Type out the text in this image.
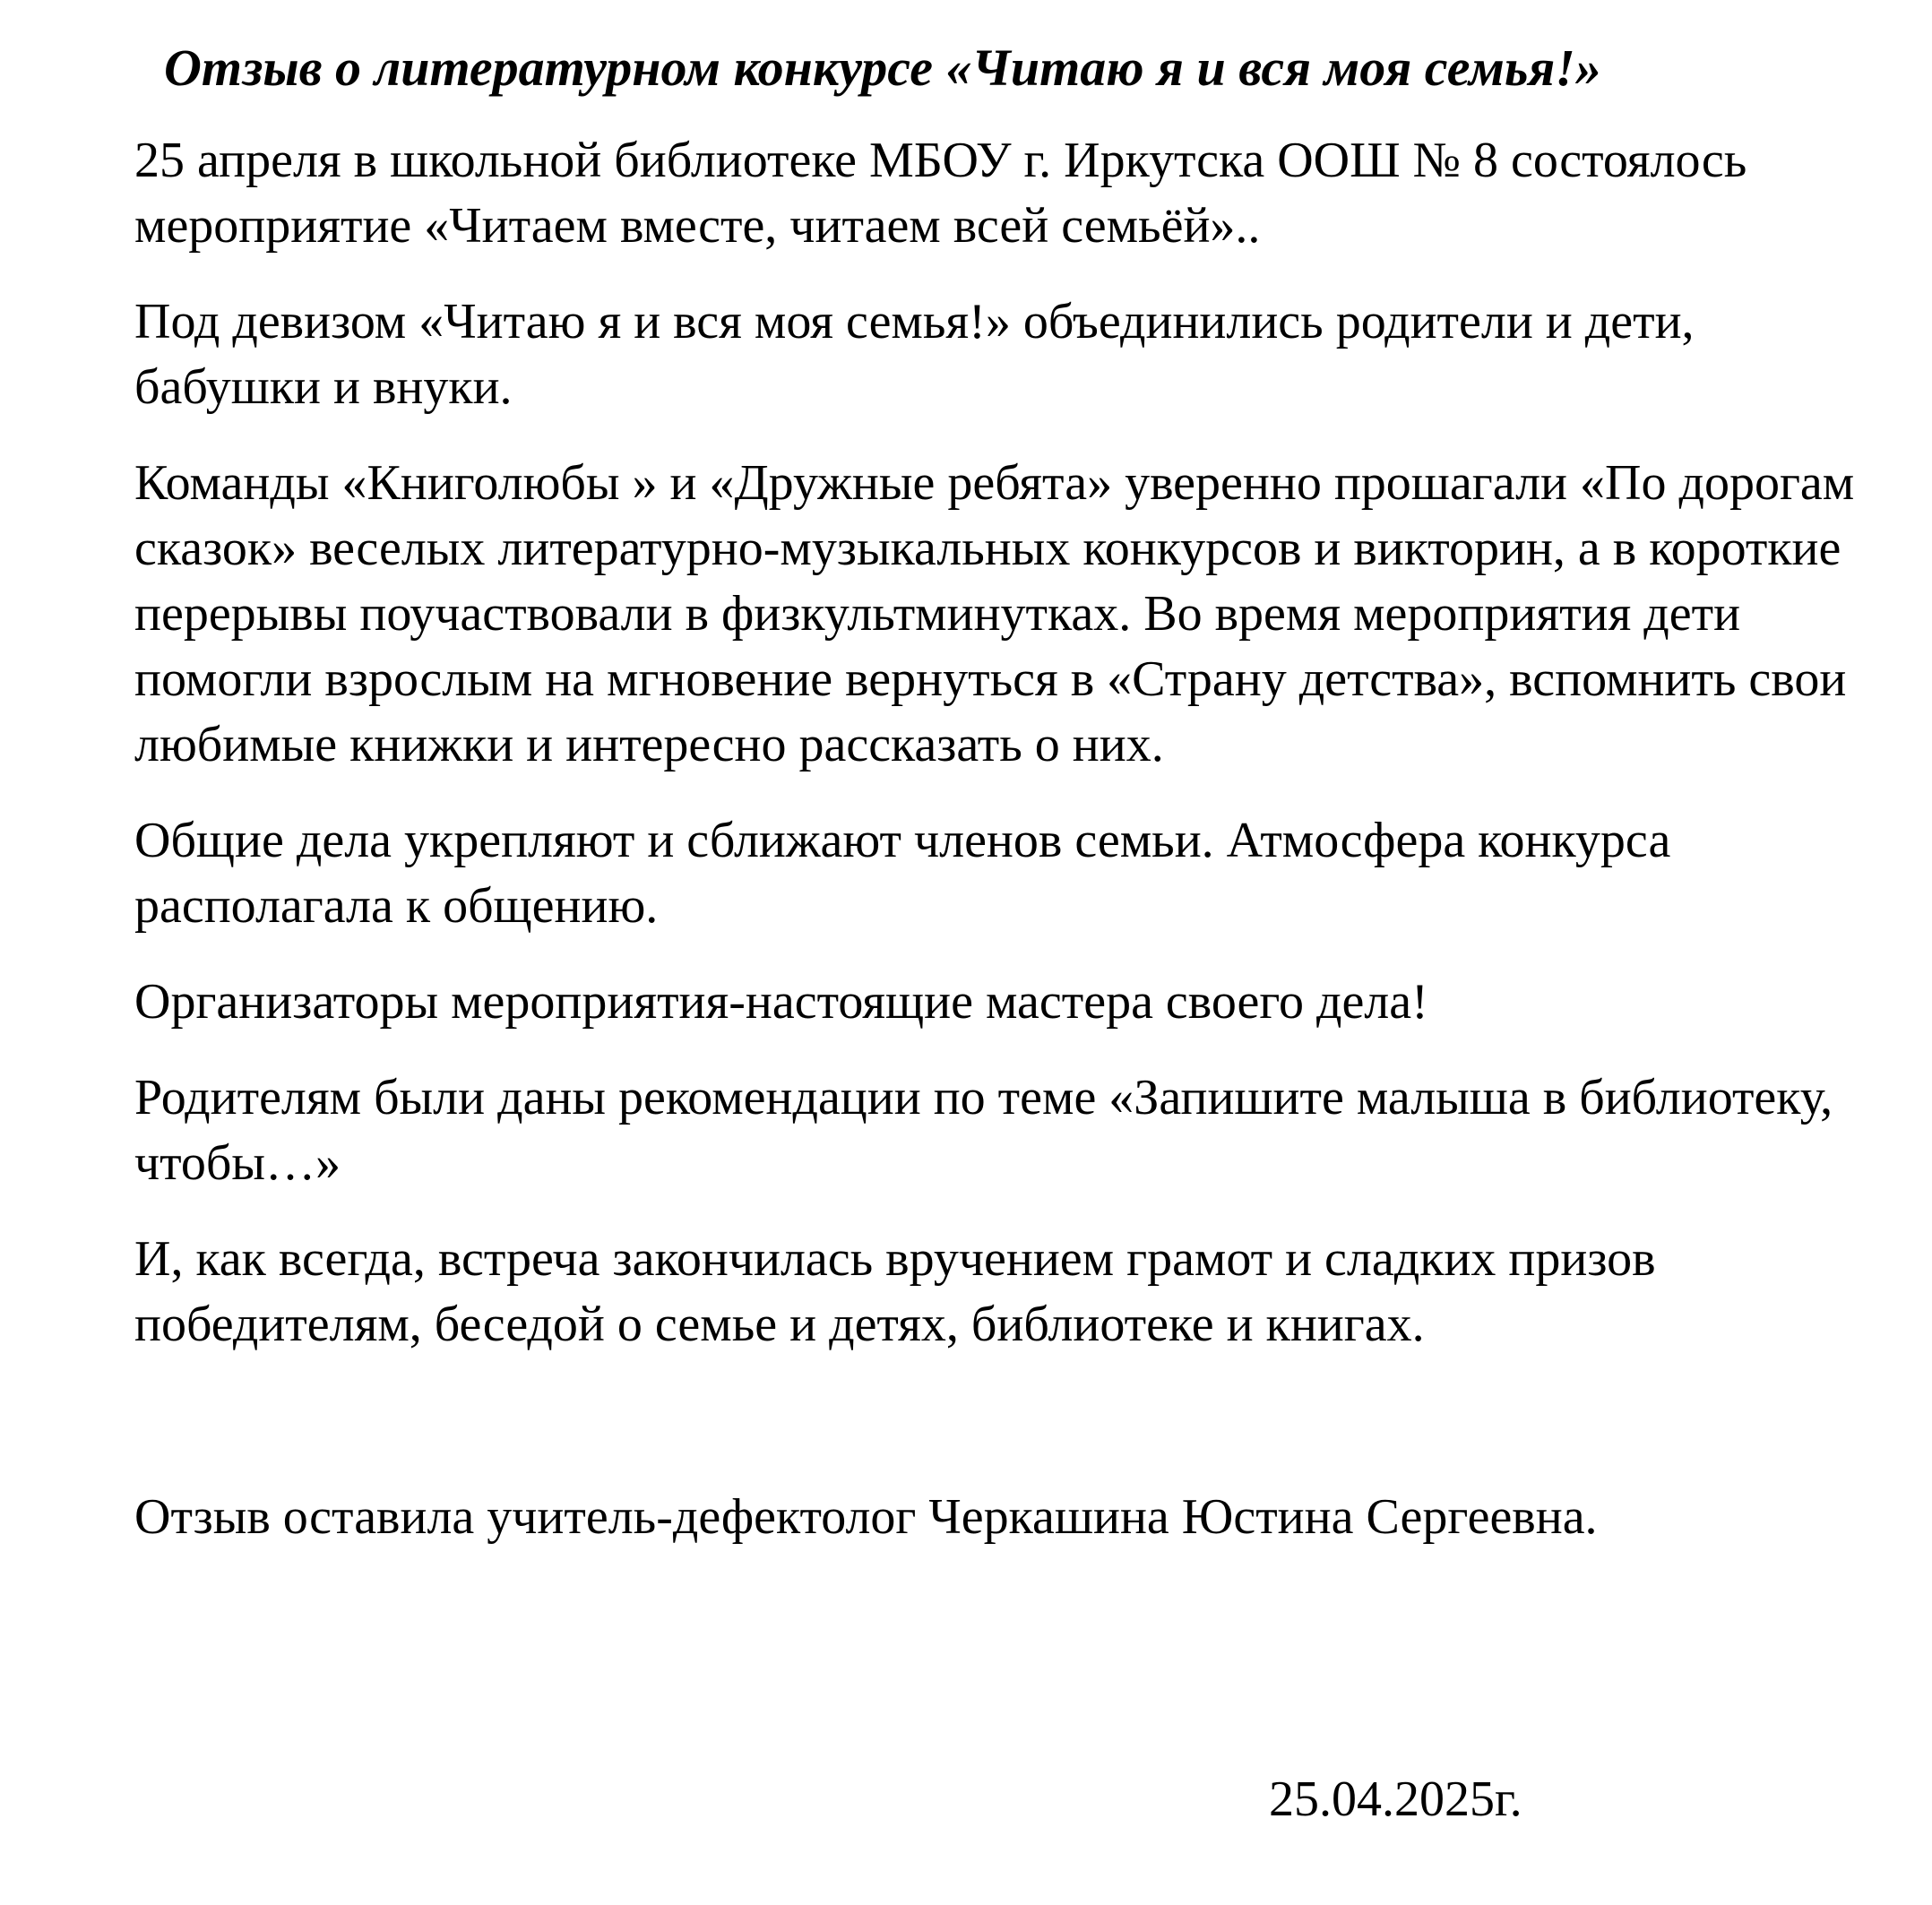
Отзыв о литературном конкурсе «Читаю я и вся моя семья!»

25 апреля в школьной библиотеке МБОУ г. Иркутска ООШ № 8 состоялось мероприятие «Читаем вместе, читаем всей семьёй»..

Под девизом «Читаю я и вся моя семья!» объединились родители и дети, бабушки и внуки.

Команды «Книголюбы » и «Дружные ребята» уверенно прошагали «По дорогам сказок» веселых литературно-музыкальных конкурсов и викторин, а в короткие перерывы поучаствовали в физкультминутках. Во время мероприятия дети помогли взрослым на мгновение вернуться в «Страну детства», вспомнить свои любимые книжки и интересно рассказать о них.

Общие дела укрепляют и сближают членов семьи. Атмосфера конкурса располагала к общению.

Организаторы мероприятия-настоящие мастера своего дела!

Родителям были даны рекомендации по теме «Запишите малыша в библиотеку, чтобы…»

И, как всегда, встреча закончилась вручением грамот и сладких призов победителям, беседой о семье и детях, библиотеке и книгах.

Отзыв оставила учитель-дефектолог Черкашина Юстина Сергеевна.
25.04.2025г.
